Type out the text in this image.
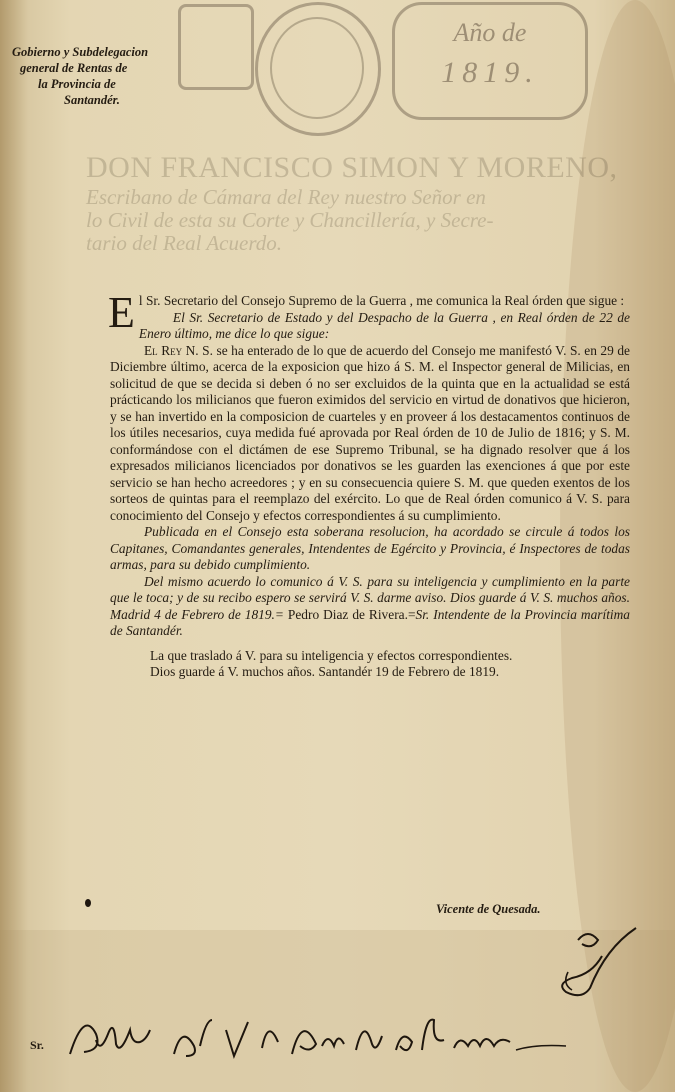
Año de
1819.
Gobierno y Subdelegacion
general de Rentas de
la Provincia de
Santandér.
DON FRANCISCO SIMON Y MORENO,
Escribano de Cámara del Rey nuestro Señor en
lo Civil de esta su Corte y Chancillería, y Secre-
tario del Real Acuerdo.

El Sr. Secretario del Consejo Supremo de la Guerra , me comunica la Real órden que sigue :

El Sr. Secretario de Estado y del Despacho de la Guerra , en Real órden de 22 de Enero último, me dice lo que sigue:

El Rey N. S. se ha enterado de lo que de acuerdo del Consejo me manifestó V. S. en 29 de Diciembre último, acerca de la exposicion que hizo á S. M. el Inspector general de Milicias, en solicitud de que se decida si deben ó no ser excluidos de la quinta que en la actualidad se está prácticando los milicianos que fueron eximidos del servicio en virtud de donativos que hicieron, y se han invertido en la composicion de cuarteles y en proveer á los destacamentos continuos de los útiles necesarios, cuya medida fué aprovada por Real órden de 10 de Julio de 1816; y S. M. conformándose con el dictámen de ese Supremo Tribunal, se ha dignado resolver que á los expresados milicianos licenciados por donativos se les guarden las exenciones á que por este servicio se han hecho acreedores ; y en su consecuencia quiere S. M. que queden exentos de los sorteos de quintas para el reemplazo del exército. Lo que de Real órden comunico á V. S. para conocimiento del Consejo y efectos correspondientes á su cumplimiento.

Publicada en el Consejo esta soberana resolucion, ha acordado se circule á todos los Capitanes, Comandantes generales, Intendentes de Egército y Provincia, é Inspectores de todas armas, para su debido cumplimiento.

Del mismo acuerdo lo comunico á V. S. para su inteligencia y cumplimiento en la parte que le toca; y de su recibo espero se servirá V. S. darme aviso. Dios guarde á V. S. muchos años. Madrid 4 de Febrero de 1819.= Pedro Diaz de Rivera.=Sr. Intendente de la Provincia marítima de Santandér.

La que traslado á V. para su inteligencia y efectos correspondientes.
Dios guarde á V. muchos años. Santandér 19 de Febrero de 1819.
Vicente de Quesada.
Sr.
